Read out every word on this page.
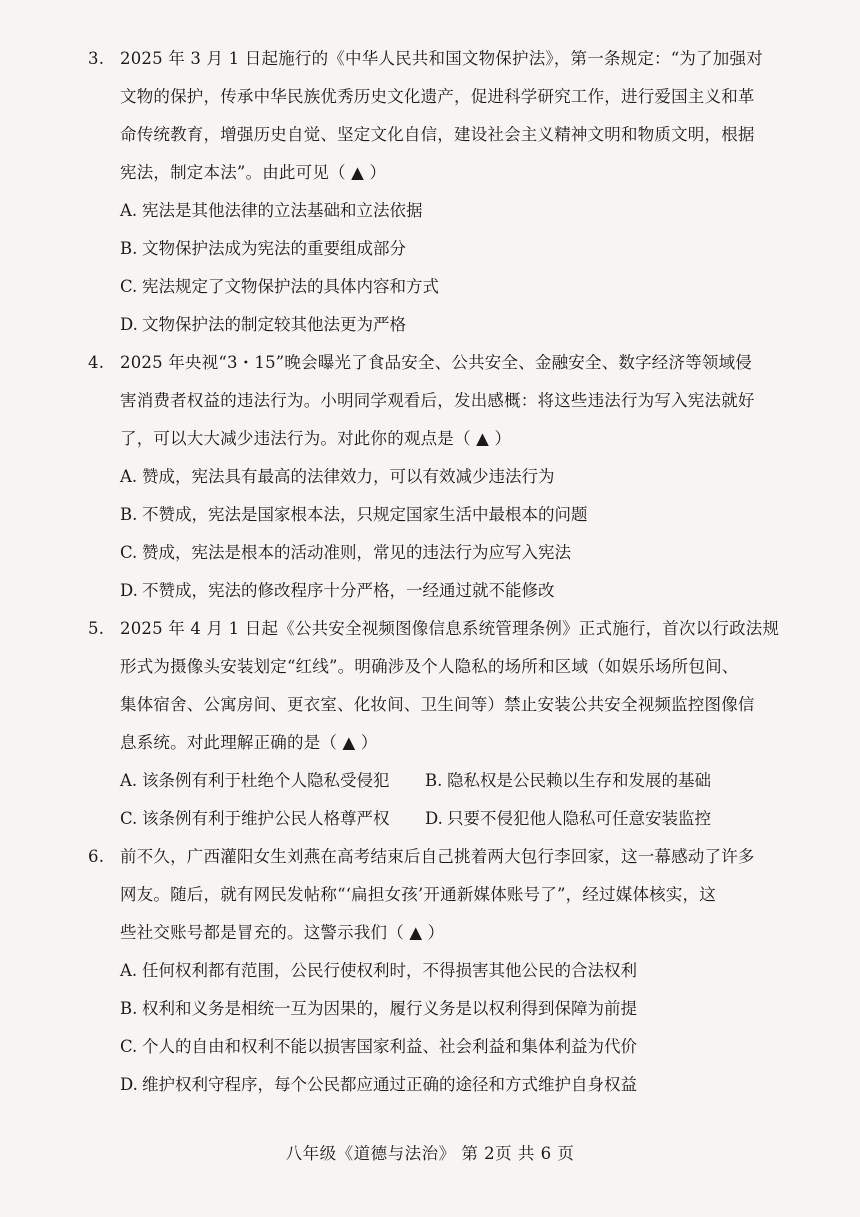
3. 2025 年 3 月 1 日起施行的《中华人民共和国文物保护法》，第一条规定：“为了加强对
文物的保护，传承中华民族优秀历史文化遗产，促进科学研究工作，进行爱国主义和革
命传统教育，增强历史自觉、坚定文化自信，建设社会主义精神文明和物质文明，根据
宪法，制定本法”。由此可见（ ▲ ）
A. 宪法是其他法律的立法基础和立法依据
B. 文物保护法成为宪法的重要组成部分
C. 宪法规定了文物保护法的具体内容和方式
D. 文物保护法的制定较其他法更为严格
4. 2025 年央视“3・15”晚会曝光了食品安全、公共安全、金融安全、数字经济等领域侵
害消费者权益的违法行为。小明同学观看后，发出感概：将这些违法行为写入宪法就好
了，可以大大减少违法行为。对此你的观点是（ ▲ ）
A. 赞成，宪法具有最高的法律效力，可以有效减少违法行为
B. 不赞成，宪法是国家根本法，只规定国家生活中最根本的问题
C. 赞成，宪法是根本的活动准则，常见的违法行为应写入宪法
D. 不赞成，宪法的修改程序十分严格，一经通过就不能修改
5. 2025 年 4 月 1 日起《公共安全视频图像信息系统管理条例》正式施行，首次以行政法规
形式为摄像头安装划定“红线”。明确涉及个人隐私的场所和区域（如娱乐场所包间、
集体宿舍、公寓房间、更衣室、化妆间、卫生间等）禁止安装公共安全视频监控图像信
息系统。对此理解正确的是（ ▲ ）
A. 该条例有利于杜绝个人隐私受侵犯	B. 隐私权是公民赖以生存和发展的基础
C. 该条例有利于维护公民人格尊严权	D. 只要不侵犯他人隐私可任意安装监控
6. 前不久，广西灌阳女生刘燕在高考结束后自己挑着两大包行李回家，这一幕感动了许多
网友。随后，就有网民发帖称“‘扁担女孩’开通新媒体账号了”，经过媒体核实，这
些社交账号都是冒充的。这警示我们（ ▲ ）
A. 任何权利都有范围，公民行使权利时，不得损害其他公民的合法权利
B. 权利和义务是相统一互为因果的，履行义务是以权利得到保障为前提
C. 个人的自由和权利不能以损害国家利益、社会利益和集体利益为代价
D. 维护权利守程序，每个公民都应通过正确的途径和方式维护自身权益
八年级《道德与法治》 第 2页 共 6 页
